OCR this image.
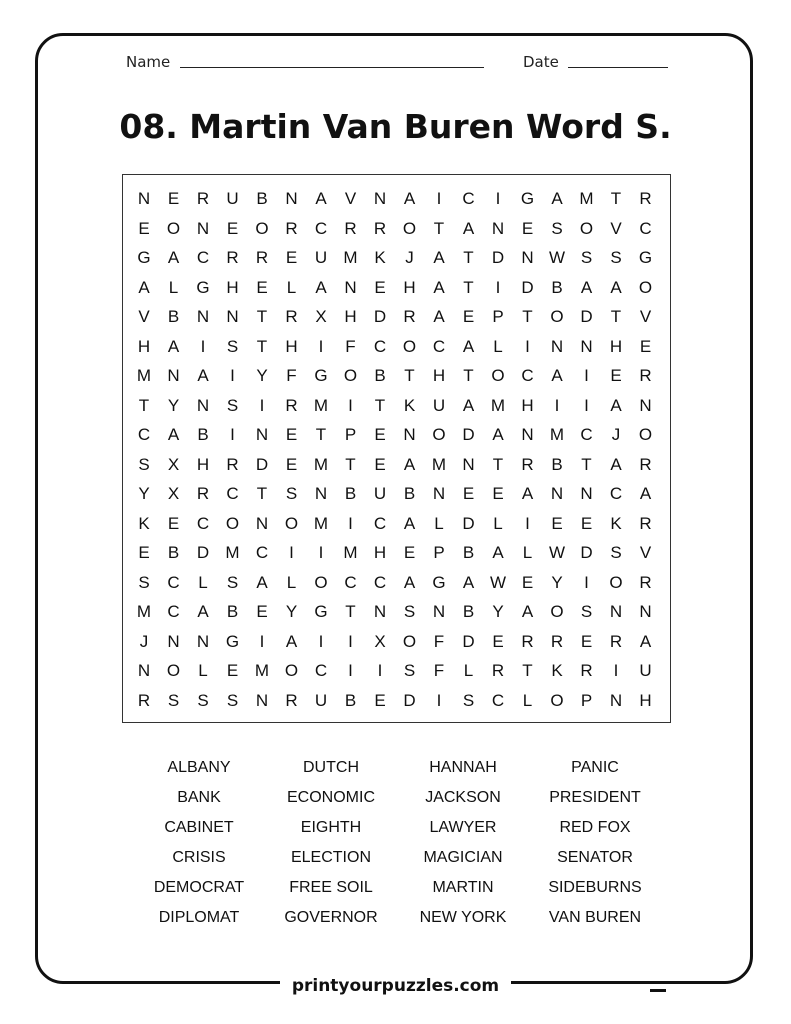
Name	Date
08. Martin Van Buren Word S.
N	E	R	U	B	N	A	V	N	A	I	C	I	G	A M	T	R
E	O N	E	O R	C	R	R O	T	A	N	E	S	O	V	C
G	A	C	R	R	E	U M K	J	A	T	D	N W S	S	G
A	L	G H	E	L	A	N	E	H	A	T	I	D	B	A	A	O
V	B	N	N	T	R	X	H	D	R	A	E	P	T	O D	T	V
H	A	I	S	T	H	I	F	C O C	A	L	I	N	N	H	E
M N	A	I	Y	F	G O	B	T	H	T	O C	A	I	E	R
T	Y	N	S	I	R M	I	T	K	U	A M H	I	I	A	N
C	A	B	I	N	E	T	P	E	N O D	A	N M C	J	O
S	X	H	R	D	E M	T	E	A M N	T	R	B	T	A	R
Y	X	R	C	T	S	N	B	U	B	N	E	E	A	N	N	C	A
K	E	C O N O M	I	C	A	L	D	L	I	E	E	K	R
E	B	D M C	I	I	M H	E	P	B	A	L W D	S	V
S	C	L	S	A	L	O C	C	A	G	A W E	Y	I	O R
M C	A	B	E	Y	G	T	N	S	N	B	Y	A	O	S	N	N
J	N	N G	I	A	I	I	X	O	F	D	E	R	R	E	R	A
N O	L	E M O C	I	I	S	F	L	R	T	K	R	I	U
R	S	S	S	N	R	U	B	E	D	I	S	C	L	O	P	N	H
ALBANY	DUTCH	HANNAH	PANIC
BANK	ECONOMIC	JACKSON	PRESIDENT
CABINET	EIGHTH	LAWYER	RED FOX
CRISIS	ELECTION	MAGICIAN	SENATOR
DEMOCRAT	FREE SOIL	MARTIN	SIDEBURNS
DIPLOMAT	GOVERNOR	NEW YORK	VAN BUREN
printyourpuzzles.com
